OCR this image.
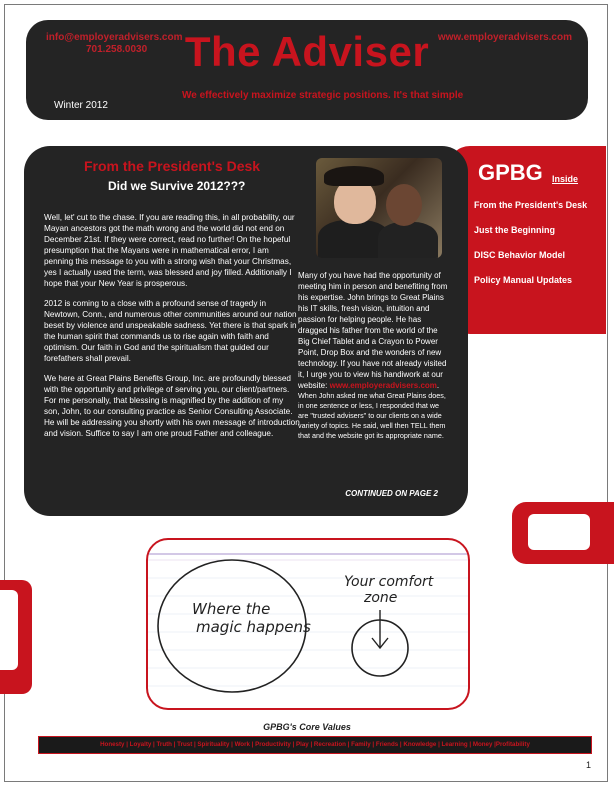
info@employeradvisers.com
701.258.0030
www.employeradvisers.com
The Adviser
Winter 2012
We effectively maximize strategic positions. It's that simple
GPBG Inside
From the President's Desk
Just the Beginning
DISC Behavior Model
Policy Manual Updates
From the President's Desk
Did we Survive 2012???

Well, let' cut to the chase. If you are reading this, in all probability, our Mayan ancestors got the math wrong and the world did not end on December 21st. If they were correct, read no further! On the hopeful presumption that the Mayans were in mathematical error, I am penning this message to you with a strong wish that your Christmas, yes I actually used the term, was blessed and joy filled. Additionally I hope that your New Year is prosperous.

2012 is coming to a close with a profound sense of tragedy in Newtown, Conn., and numerous other communities around our nation beset by violence and unspeakable sadness. Yet there is that spark in the human spirit that commands us to rise again with faith and optimism. Our faith in God and the spiritualism that guided our forefathers shall prevail.

We here at Great Plains Benefits Group, Inc. are profoundly blessed with the opportunity and privilege of serving you, our client/partners. For me personally, that blessing is magnified by the addition of my son, John, to our consulting practice as Senior Consulting Associate. He will be addressing you shortly with his own message of introduction and vision. Suffice to say I am one proud Father and colleague.

Many of you have had the opportunity of meeting him in person and benefiting from his expertise. John brings to Great Plains his IT skills, fresh vision, intuition and passion for helping people. He has dragged his father from the world of the Big Chief Tablet and a Crayon to Power Point, Drop Box and the wonders of new technology. If you have not already visited it, I urge you to view his handiwork at our website: www.employeradvisers.com.

When John asked me what Great Plains does, in one sentence or less, I responded that we are "trusted advisers" to our clients on a wide variety of topics. He said, well then TELL them that and the website got its appropriate name.

CONTINUED ON PAGE 2
Where the
magic happens
Your comfort
zone
GPBG's Core Values
Honesty | Loyalty | Truth | Trust | Spirituality | Work | Productivity | Play | Recreation | Family | Friends | Knowledge | Learning | Money |Profitability
1
